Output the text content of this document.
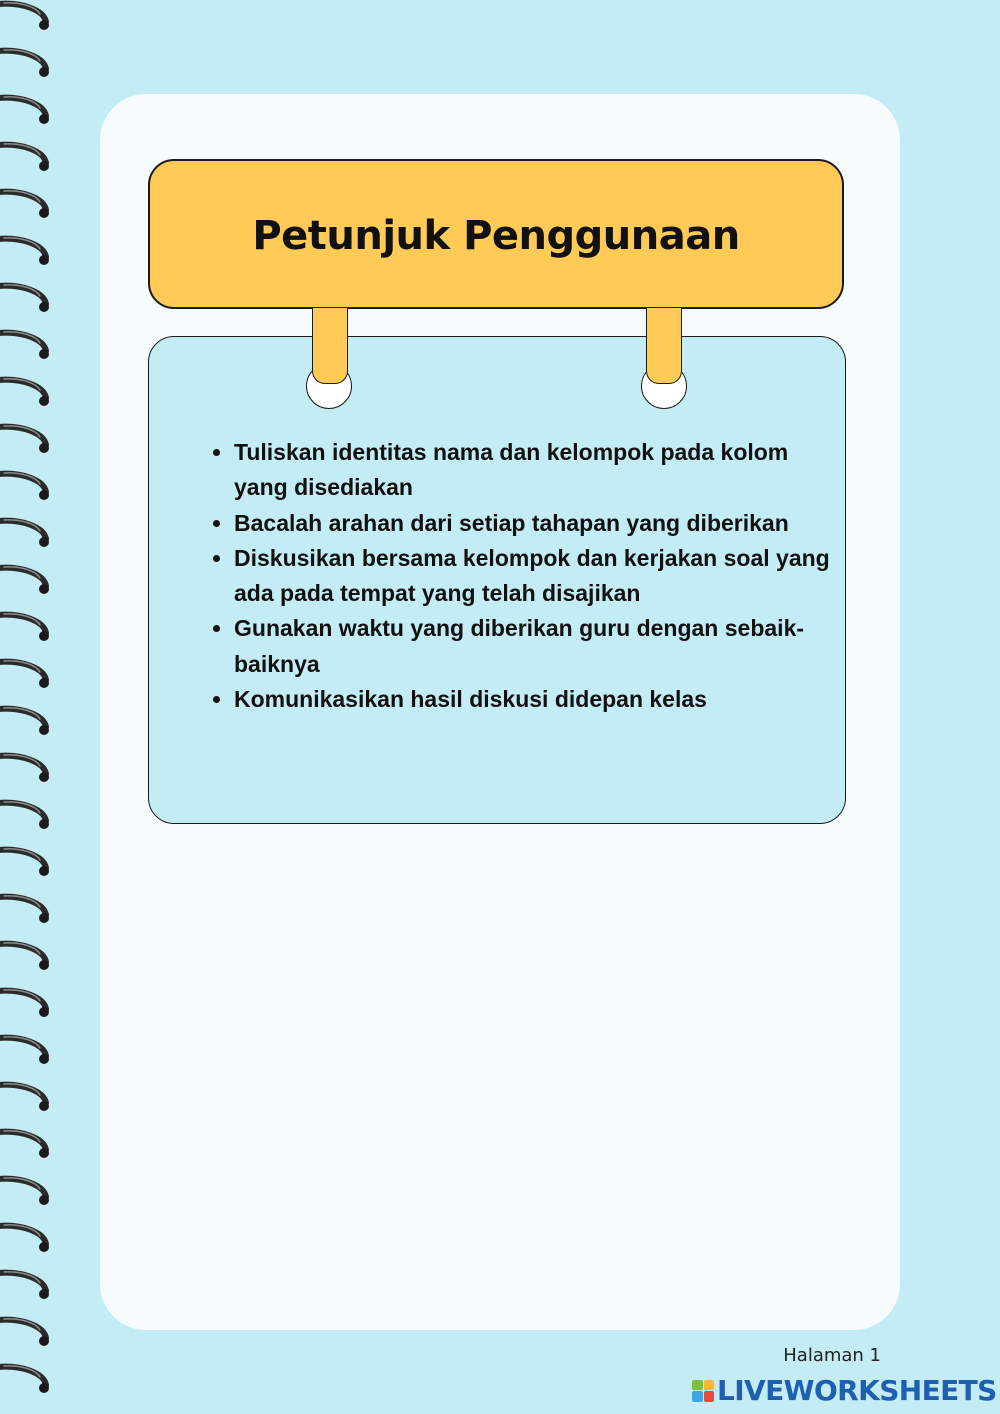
Petunjuk Penggunaan
• Tuliskan identitas nama dan kelompok pada kolom yang disediakan
• Bacalah arahan dari setiap tahapan yang diberikan
• Diskusikan bersama kelompok dan kerjakan soal yang ada pada tempat yang telah disajikan
• Gunakan waktu yang diberikan guru dengan sebaik-baiknya
• Komunikasikan hasil diskusi didepan kelas
Halaman 1
LIVEWORKSHEETS
